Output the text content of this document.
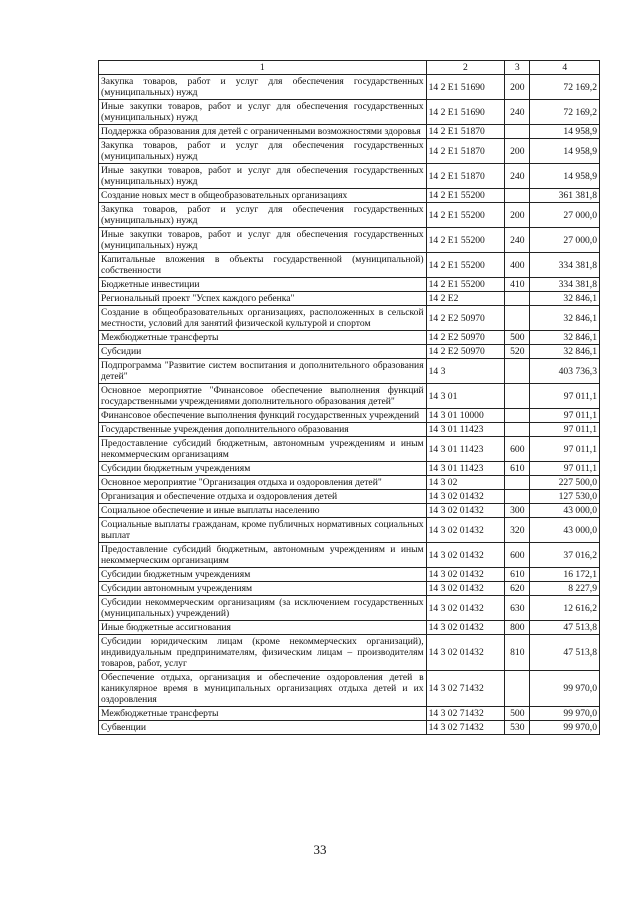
1	2	3	4
Закупка товаров, работ и услуг для обеспечения государственных (муниципальных) нужд	14 2 E1 51690	200	72 169,2
Иные закупки товаров, работ и услуг для обеспечения государственных (муниципальных) нужд	14 2 E1 51690	240	72 169,2
Поддержка образования для детей с ограниченными возможностями здоровья	14 2 E1 51870		14 958,9
Закупка товаров, работ и услуг для обеспечения государственных (муниципальных) нужд	14 2 E1 51870	200	14 958,9
Иные закупки товаров, работ и услуг для обеспечения государственных (муниципальных) нужд	14 2 E1 51870	240	14 958,9
Создание новых мест в общеобразовательных организациях	14 2 E1 55200		361 381,8
Закупка товаров, работ и услуг для обеспечения государственных (муниципальных) нужд	14 2 E1 55200	200	27 000,0
Иные закупки товаров, работ и услуг для обеспечения государственных (муниципальных) нужд	14 2 E1 55200	240	27 000,0
Капитальные вложения в объекты государственной (муниципальной) собственности	14 2 E1 55200	400	334 381,8
Бюджетные инвестиции	14 2 E1 55200	410	334 381,8
Региональный проект "Успех каждого ребенка"	14 2 E2		32 846,1
Создание в общеобразовательных организациях, расположенных в сельской местности, условий для занятий физической культурой и спортом	14 2 E2 50970		32 846,1
Межбюджетные трансферты	14 2 E2 50970	500	32 846,1
Субсидии	14 2 E2 50970	520	32 846,1
Подпрограмма "Развитие систем воспитания и дополнительного образования детей"	14 3		403 736,3
Основное мероприятие "Финансовое обеспечение выполнения функций государственными учреждениями дополнительного образования детей"	14 3 01		97 011,1
Финансовое обеспечение выполнения функций государственных учреждений	14 3 01 10000		97 011,1
Государственные учреждения дополнительного образования	14 3 01 11423		97 011,1
Предоставление субсидий бюджетным, автономным учреждениям и иным некоммерческим организациям	14 3 01 11423	600	97 011,1
Субсидии бюджетным учреждениям	14 3 01 11423	610	97 011,1
Основное мероприятие "Организация отдыха и оздоровления детей"	14 3 02		227 500,0
Организация и обеспечение отдыха и оздоровления детей	14 3 02 01432		127 530,0
Социальное обеспечение и иные выплаты населению	14 3 02 01432	300	43 000,0
Социальные выплаты гражданам, кроме публичных нормативных социальных выплат	14 3 02 01432	320	43 000,0
Предоставление субсидий бюджетным, автономным учреждениям и иным некоммерческим организациям	14 3 02 01432	600	37 016,2
Субсидии бюджетным учреждениям	14 3 02 01432	610	16 172,1
Субсидии автономным учреждениям	14 3 02 01432	620	8 227,9
Субсидии некоммерческим организациям (за исключением государственных (муниципальных) учреждений)	14 3 02 01432	630	12 616,2
Иные бюджетные ассигнования	14 3 02 01432	800	47 513,8
Субсидии юридическим лицам (кроме некоммерческих организаций), индивидуальным предпринимателям, физическим лицам – производителям товаров, работ, услуг	14 3 02 01432	810	47 513,8
Обеспечение отдыха, организация и обеспечение оздоровления детей в каникулярное время в муниципальных организациях отдыха детей и их оздоровления	14 3 02 71432		99 970,0
Межбюджетные трансферты	14 3 02 71432	500	99 970,0
Субвенции	14 3 02 71432	530	99 970,0
33
